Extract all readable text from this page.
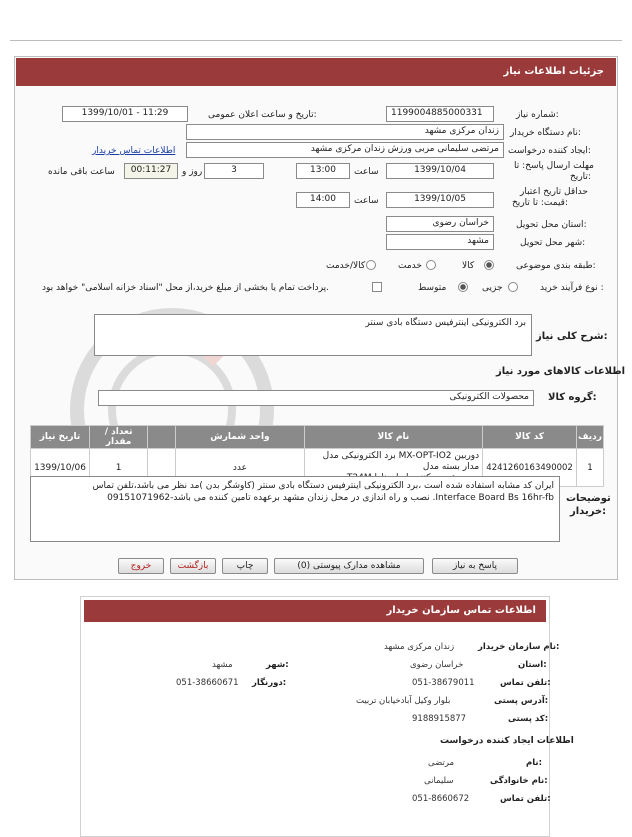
جزئیات اطلاعات نیاز
شماره نیاز:
1199004885000331
تاریخ و ساعت اعلان عمومی:
1399/10/01 - 11:29
نام دستگاه خریدار:
زندان مرکزی مشهد
ایجاد کننده درخواست:
مرتضی سلیمانی مربی ورزش زندان مرکزی مشهد
اطلاعات تماس خریدار
مهلت ارسال پاسخ: تا
تاریخ:
1399/10/04
ساعت
13:00
3
روز و
00:11:27
ساعت باقی مانده
حداقل تاریخ اعتبار
قیمت: تا تاریخ:
1399/10/05
ساعت
14:00
استان محل تحویل:
خراسان رضوی
شهر محل تحویل:
مشهد
طبقه بندی موضوعی:
کالا
خدمت
کالا/خدمت
نوع فرآیند خرید :
جزیی
متوسط
پرداخت تمام یا بخشی از مبلغ خرید،از محل "اسناد خزانه اسلامی" خواهد بود.
شرح کلی نیاز:
برد الکترونیکی اینترفیس دستگاه بادی سنتر
اطلاعات کالاهای مورد نیاز
گروه کالا:
محصولات الکترونیکی
تاریخ نیاز	تعداد / مقدار		واحد شمارش	نام کالا	کد کالا	ردیف
1399/10/06	1		عدد	برد الکترونیکی مدل MX-OPT-IO2 دوربین مدار بسته مدل	4241260163490002	1
توضیحات
خریدار:
ایران کد مشابه استفاده شده است ،برد الکترونیکی اینترفیس دستگاه بادی سنتر (کاوشگر بدن )مد نظر می باشد،تلفن تماس
09151071962-نصب و راه اندازی در محل زندان مشهد برعهده تامین کننده می باشد .Interface Board Bs 16hr-fb
پاسخ به نیاز
مشاهده مدارک پیوستی (0)
چاپ
بازگشت
خروج
اطلاعات تماس سازمان خریدار
نام سازمان خریدار:
زندان مرکزی مشهد
استان:
خراسان رضوی
شهر:
مشهد
تلفن تماس:
051-38679011
دورنگار:
051-38660671
آدرس پستی:
بلوار وکیل آبادخیابان تربیت
کد پستی:
9188915877
اطلاعات ایجاد کننده درخواست
نام:
مرتضی
نام خانوادگی:
سلیمانی
تلفن تماس:
051-8660672
